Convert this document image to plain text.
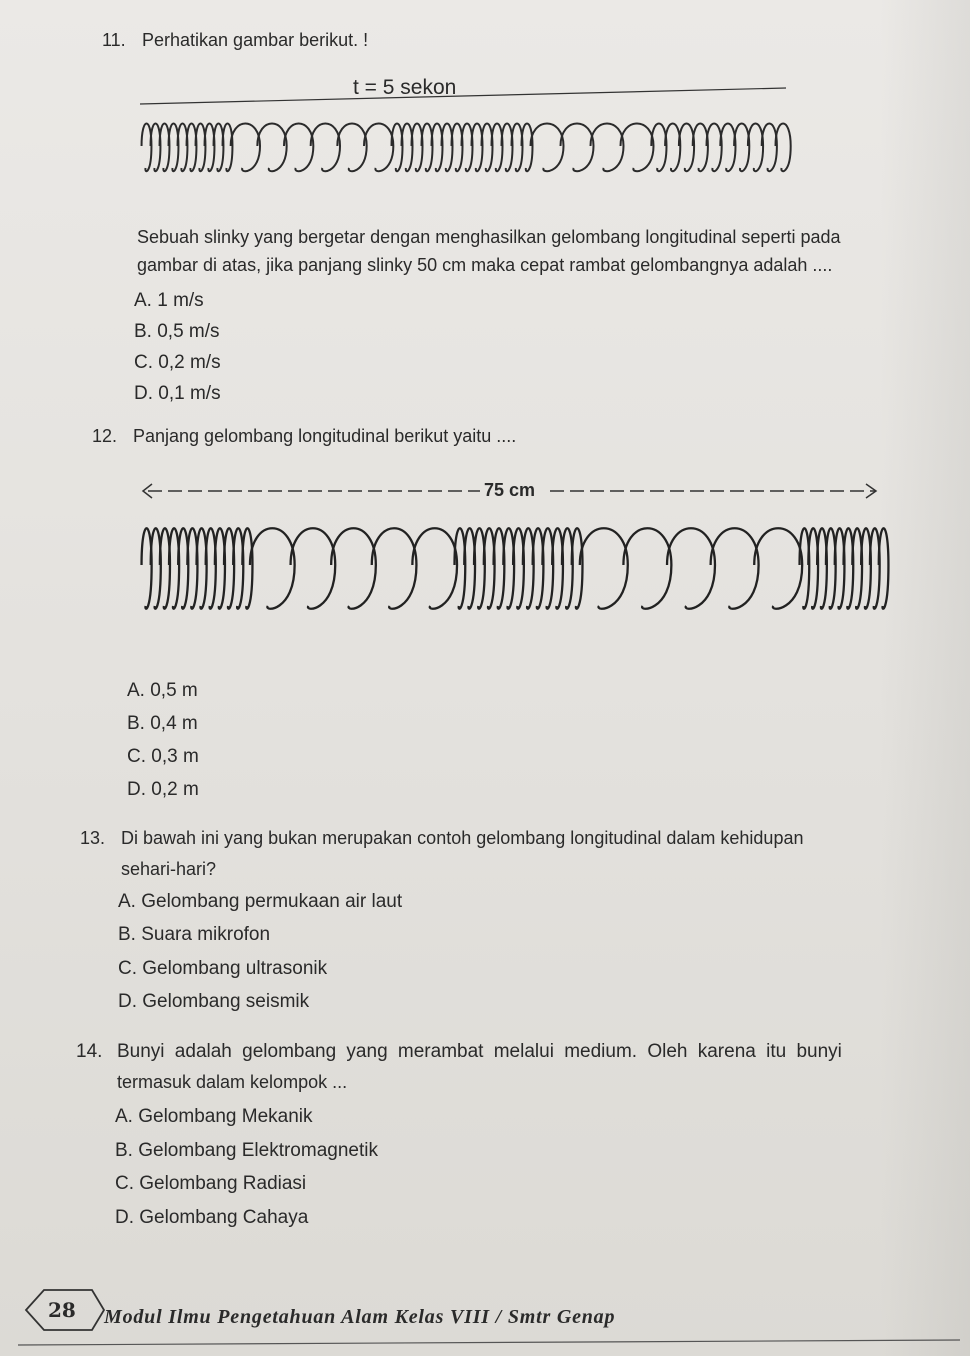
11. Perhatikan gambar berikut. !
t = 5 sekon
Sebuah slinky yang bergetar dengan menghasilkan gelombang longitudinal seperti pada
gambar di atas, jika panjang slinky 50 cm maka cepat rambat gelombangnya adalah ....
A. 1 m/s
B. 0,5 m/s
C. 0,2 m/s
D. 0,1 m/s
12. Panjang gelombang longitudinal berikut yaitu ....
75 cm
A. 0,5 m
B. 0,4 m
C. 0,3 m
D. 0,2 m
13. Di bawah ini yang bukan merupakan contoh gelombang longitudinal dalam kehidupan
sehari-hari?
A. Gelombang permukaan air laut
B. Suara mikrofon
C. Gelombang ultrasonik
D. Gelombang seismik
14. Bunyi adalah gelombang yang merambat melalui medium. Oleh karena itu bunyi
termasuk dalam kelompok ...
A. Gelombang Mekanik
B. Gelombang Elektromagnetik
C. Gelombang Radiasi
D. Gelombang Cahaya
28 Modul Ilmu Pengetahuan Alam Kelas VIII / Smtr Genap
